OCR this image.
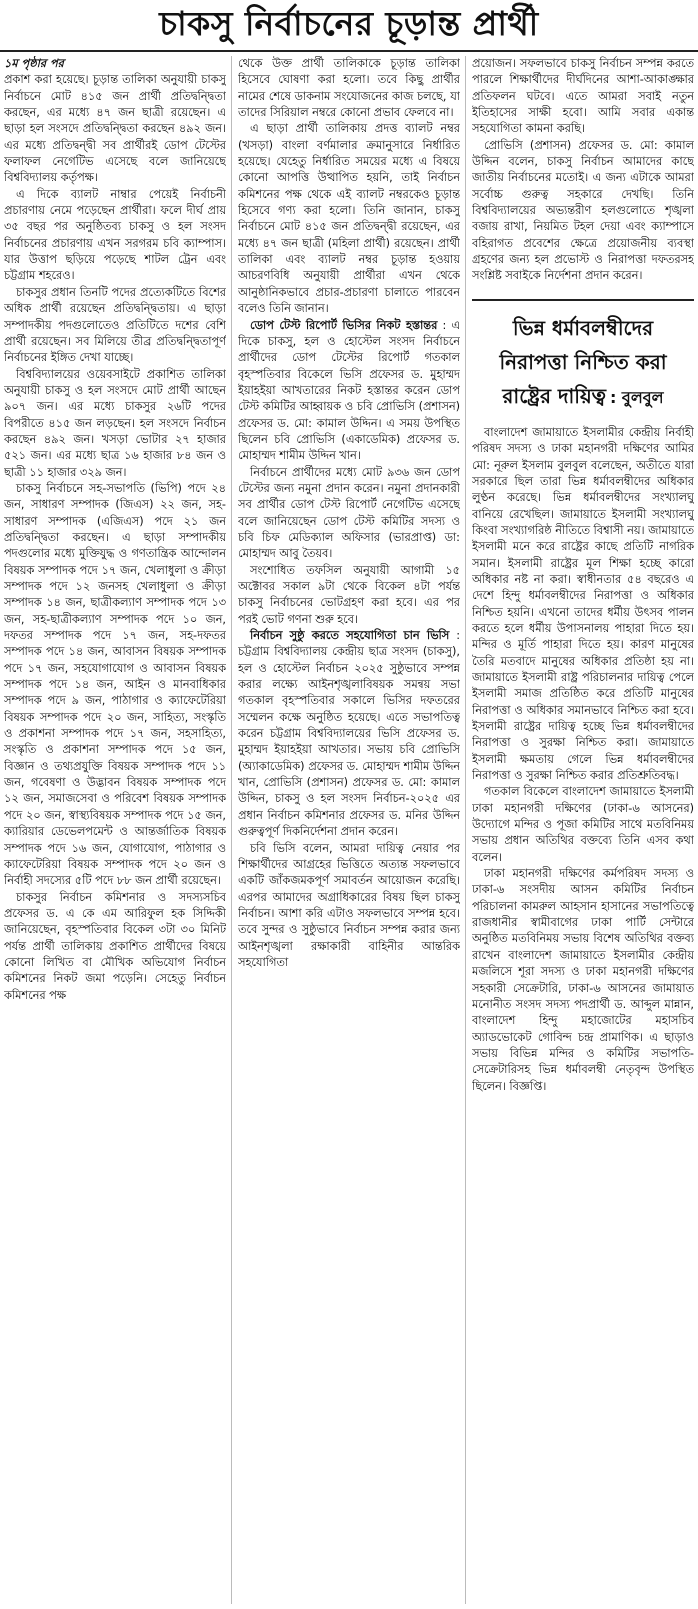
চাকসু নির্বাচনের চূড়ান্ত প্রার্থী

১ম পৃষ্ঠার পর

প্রকাশ করা হয়েছে। চূড়ান্ত তালিকা অনুযায়ী চাকসু নির্বাচনে মোট ৪১৫ জন প্রার্থী প্রতিদ্বন্দ্বিতা করছেন, এর মধ্যে ৪৭ জন ছাত্রী রয়েছেন। এ ছাড়া হল সংসদে প্রতিদ্বন্দ্বিতা করছেন ৪৯২ জন। এর মধ্যে প্রতিদ্বন্দ্বী সব প্রার্থীরই ডোপ টেস্টের ফলাফল নেগেটিভ এসেছে বলে জানিয়েছে বিশ্ববিদ্যালয় কর্তৃপক্ষ।

এ দিকে ব্যালট নাম্বার পেয়েই নির্বাচনী প্রচারণায় নেমে পড়েছেন প্রার্থীরা। ফলে দীর্ঘ প্রায় ৩৫ বছর পর অনুষ্ঠিতব্য চাকসু ও হল সংসদ নির্বাচনের প্রচারণায় এখন সরগরম চবি ক্যাম্পাস। যার উত্তাপ ছড়িয়ে পড়েছে শাটল ট্রেন এবং চট্টগ্রাম শহরেও।

চাকসুর প্রধান তিনটি পদের প্রত্যেকটিতে বিশের অধিক প্রার্থী রয়েছেন প্রতিদ্বন্দ্বিতায়। এ ছাড়া সম্পাদকীয় পদগুলোতেও প্রতিটিতে দশের বেশি প্রার্থী রয়েছেন। সব মিলিয়ে তীব্র প্রতিদ্বন্দ্বিতাপূর্ণ নির্বাচনের ইঙ্গিত দেখা যাচ্ছে।

বিশ্ববিদ্যালয়ের ওয়েবসাইটে প্রকাশিত তালিকা অনুযায়ী চাকসু ও হল সংসদে মোট প্রার্থী আছেন ৯০৭ জন। এর মধ্যে চাকসুর ২৬টি পদের বিপরীতে ৪১৫ জন লড়ছেন। হল সংসদে নির্বাচন করছেন ৪৯২ জন। খসড়া ভোটার ২৭ হাজার ৫২১ জন। এর মধ্যে ছাত্র ১৬ হাজার ৮৪ জন ও ছাত্রী ১১ হাজার ৩২৯ জন।

চাকসু নির্বাচনে সহ-সভাপতি (ভিপি) পদে ২৪ জন, সাধারণ সম্পাদক (জিএস) ২২ জন, সহ-সাধারণ সম্পাদক (এজিএস) পদে ২১ জন প্রতিদ্বন্দ্বিতা করছেন। এ ছাড়া সম্পাদকীয় পদগুলোর মধ্যে মুক্তিযুদ্ধ ও গণতান্ত্রিক আন্দোলন বিষয়ক সম্পাদক পদে ১৭ জন, খেলাধুলা ও ক্রীড়া সম্পাদক পদে ১২ জনসহ খেলাধুলা ও ক্রীড়া সম্পাদক ১৪ জন, ছাত্রীকল্যাণ সম্পাদক পদে ১৩ জন, সহ-ছাত্রীকল্যাণ সম্পাদক পদে ১০ জন, দফতর সম্পাদক পদে ১৭ জন, সহ-দফতর সম্পাদক পদে ১৪ জন, আবাসন বিষয়ক সম্পাদক পদে ১৭ জন, সহযোগাযোগ ও আবাসন বিষয়ক সম্পাদক পদে ১৪ জন, আইন ও মানবাধিকার সম্পাদক পদে ৯ জন, পাঠাগার ও ক্যাফেটেরিয়া বিষয়ক সম্পাদক পদে ২০ জন, সাহিত্য, সংস্কৃতি ও প্রকাশনা সম্পাদক পদে ১৭ জন, সহসাহিত্য, সংস্কৃতি ও প্রকাশনা সম্পাদক পদে ১৫ জন, বিজ্ঞান ও তথ্যপ্রযুক্তি বিষয়ক সম্পাদক পদে ১১ জন, গবেষণা ও উদ্ভাবন বিষয়ক সম্পাদক পদে ১২ জন, সমাজসেবা ও পরিবেশ বিষয়ক সম্পাদক পদে ২০ জন, স্বাস্থ্যবিষয়ক সম্পাদক পদে ১৫ জন, ক্যারিয়ার ডেভেলপমেন্ট ও আন্তর্জাতিক বিষয়ক সম্পাদক পদে ১৬ জন, যোগাযোগ, পাঠাগার ও ক্যাফেটেরিয়া বিষয়ক সম্পাদক পদে ২০ জন ও নির্বাহী সদস্যের ৫টি পদে ৮৮ জন প্রার্থী রয়েছেন।

চাকসুর নির্বাচন কমিশনার ও সদস্যসচিব প্রফেসর ড. এ কে এম আরিফুল হক সিদ্দিকী জানিয়েছেন, বৃহস্পতিবার বিকেল ৩টা ৩০ মিনিট পর্যন্ত প্রার্থী তালিকায় প্রকাশিত প্রার্থীদের বিষয়ে কোনো লিখিত বা মৌখিক অভিযোগ নির্বাচন কমিশনের নিকট জমা পড়েনি। সেহেতু নির্বাচন কমিশনের পক্ষ

থেকে উক্ত প্রার্থী তালিকাকে চূড়ান্ত তালিকা হিসেবে ঘোষণা করা হলো। তবে কিছু প্রার্থীর নামের শেষে ডাকনাম সংযোজনের কাজ চলছে, যা তাদের সিরিয়াল নম্বরে কোনো প্রভাব ফেলবে না।

এ ছাড়া প্রার্থী তালিকায় প্রদত্ত ব্যালট নম্বর (খসড়া) বাংলা বর্ণমালার ক্রমানুসারে নির্ধারিত হয়েছে। যেহেতু নির্ধারিত সময়ের মধ্যে এ বিষয়ে কোনো আপত্তি উত্থাপিত হয়নি, তাই নির্বাচন কমিশনের পক্ষ থেকে এই ব্যালট নম্বরকেও চূড়ান্ত হিসেবে গণ্য করা হলো। তিনি জানান, চাকসু নির্বাচনে মোট ৪১৫ জন প্রতিদ্বন্দ্বী রয়েছেন, এর মধ্যে ৪৭ জন ছাত্রী (মহিলা প্রার্থী) রয়েছেন। প্রার্থী তালিকা এবং ব্যালট নম্বর চূড়ান্ত হওয়ায় আচরণবিধি অনুযায়ী প্রার্থীরা এখন থেকে আনুষ্ঠানিকভাবে প্রচার-প্রচারণা চালাতে পারবেন বলেও তিনি জানান।

ডোপ টেস্ট রিপোর্ট ভিসির নিকট হস্তান্তর : এ দিকে চাকসু, হল ও হোস্টেল সংসদ নির্বাচনে প্রার্থীদের ডোপ টেস্টের রিপোর্ট গতকাল বৃহস্পতিবার বিকেলে ভিসি প্রফেসর ড. মুহাম্মদ ইয়াহইয়া আখতারের নিকট হস্তান্তর করেন ডোপ টেস্ট কমিটির আহ্বায়ক ও চবি প্রোভিসি (প্রশাসন) প্রফেসর ড. মো: কামাল উদ্দিন। এ সময় উপস্থিত ছিলেন চবি প্রোভিসি (একাডেমিক) প্রফেসর ড. মোহাম্মদ শামীম উদ্দিন খান।

নির্বাচনে প্রার্থীদের মধ্যে মোট ৯৩৬ জন ডোপ টেস্টের জন্য নমুনা প্রদান করেন। নমুনা প্রদানকারী সব প্রার্থীর ডোপ টেস্ট রিপোর্ট নেগেটিভ এসেছে বলে জানিয়েছেন ডোপ টেস্ট কমিটির সদস্য ও চবি চিফ মেডিক্যাল অফিসার (ভারপ্রাপ্ত) ডা: মোহাম্মদ আবু তৈয়ব।

সংশোধিত তফসিল অনুযায়ী আগামী ১৫ অক্টোবর সকাল ৯টা থেকে বিকেল ৪টা পর্যন্ত চাকসু নির্বাচনের ভোটগ্রহণ করা হবে। এর পর পরই ভোট গণনা শুরু হবে।

নির্বাচন সুষ্ঠু করতে সহযোগিতা চান ভিসি : চট্টগ্রাম বিশ্ববিদ্যালয় কেন্দ্রীয় ছাত্র সংসদ (চাকসু), হল ও হোস্টেল নির্বাচন ২০২৫ সুষ্ঠুভাবে সম্পন্ন করার লক্ষ্যে আইনশৃঙ্খলাবিষয়ক সমন্বয় সভা গতকাল বৃহস্পতিবার সকালে ভিসির দফতরের সম্মেলন কক্ষে অনুষ্ঠিত হয়েছে। এতে সভাপতিত্ব করেন চট্টগ্রাম বিশ্ববিদ্যালয়ের ভিসি প্রফেসর ড. মুহাম্মদ ইয়াহইয়া আখতার। সভায় চবি প্রোভিসি (অ্যাকাডেমিক) প্রফেসর ড. মোহাম্মদ শামীম উদ্দিন খান, প্রোভিসি (প্রশাসন) প্রফেসর ড. মো: কামাল উদ্দিন, চাকসু ও হল সংসদ নির্বাচন-২০২৫ এর প্রধান নির্বাচন কমিশনার প্রফেসর ড. মনির উদ্দিন গুরুত্বপূর্ণ দিকনির্দেশনা প্রদান করেন।

চবি ভিসি বলেন, আমরা দায়িত্ব নেয়ার পর শিক্ষার্থীদের আগ্রহের ভিত্তিতে অত্যন্ত সফলভাবে একটি জাঁকজমকপূর্ণ সমাবর্তন আয়োজন করেছি। এরপর আমাদের অগ্রাধিকারের বিষয় ছিল চাকসু নির্বাচন। আশা করি এটাও সফলভাবে সম্পন্ন হবে। তবে সুন্দর ও সুষ্ঠুভাবে নির্বাচন সম্পন্ন করার জন্য আইনশৃঙ্খলা রক্ষাকারী বাহিনীর আন্তরিক সহযোগিতা

প্রয়োজন। সফলভাবে চাকসু নির্বাচন সম্পন্ন করতে পারলে শিক্ষার্থীদের দীর্ঘদিনের আশা-আকাঙ্ক্ষার প্রতিফলন ঘটবে। এতে আমরা সবাই নতুন ইতিহাসের সাক্ষী হবো। আমি সবার একান্ত সহযোগিতা কামনা করছি।

প্রোভিসি (প্রশাসন) প্রফেসর ড. মো: কামাল উদ্দিন বলেন, চাকসু নির্বাচন আমাদের কাছে জাতীয় নির্বাচনের মতোই। এ জন্য এটাকে আমরা সর্বোচ্চ গুরুত্ব সহকারে দেখছি। তিনি বিশ্ববিদ্যালয়ের অভ্যন্তরীণ হলগুলোতে শৃঙ্খলা বজায় রাখা, নিয়মিত টহল দেয়া এবং ক্যাম্পাসে বহিরাগত প্রবেশের ক্ষেত্রে প্রয়োজনীয় ব্যবস্থা গ্রহণের জন্য হল প্রভোস্ট ও নিরাপত্তা দফতরসহ সংশ্লিষ্ট সবাইকে নির্দেশনা প্রদান করেন।

ভিন্ন ধর্মাবলম্বীদের
নিরাপত্তা নিশ্চিত করা
রাষ্ট্রের দায়িত্ব : বুলবুল

বাংলাদেশ জামায়াতে ইসলামীর কেন্দ্রীয় নির্বাহী পরিষদ সদস্য ও ঢাকা মহানগরী দক্ষিণের আমির মো: নূরুল ইসলাম বুলবুল বলেছেন, অতীতে যারা সরকারে ছিল তারা ভিন্ন ধর্মাবলম্বীদের অধিকার লুণ্ঠন করেছে। ভিন্ন ধর্মাবলম্বীদের সংখ্যালঘু বানিয়ে রেখেছিল। জামায়াতে ইসলামী সংখ্যালঘু কিংবা সংখ্যাগরিষ্ঠ নীতিতে বিশ্বাসী নয়। জামায়াতে ইসলামী মনে করে রাষ্ট্রের কাছে প্রতিটি নাগরিক সমান। ইসলামী রাষ্ট্রের মূল শিক্ষা হচ্ছে কারো অধিকার নষ্ট না করা। স্বাধীনতার ৫৪ বছরেও এ দেশে হিন্দু ধর্মাবলম্বীদের নিরাপত্তা ও অধিকার নিশ্চিত হয়নি। এখনো তাদের ধর্মীয় উৎসব পালন করতে হলে ধর্মীয় উপাসনালয় পাহারা দিতে হয়। মন্দির ও মূর্তি পাহারা দিতে হয়। কারণ মানুষের তৈরি মতবাদে মানুষের অধিকার প্রতিষ্ঠা হয় না। জামায়াতে ইসলামী রাষ্ট্র পরিচালনার দায়িত্ব পেলে ইসলামী সমাজ প্রতিষ্ঠিত করে প্রতিটি মানুষের নিরাপত্তা ও অধিকার সমানভাবে নিশ্চিত করা হবে। ইসলামী রাষ্ট্রের দায়িত্ব হচ্ছে ভিন্ন ধর্মাবলম্বীদের নিরাপত্তা ও সুরক্ষা নিশ্চিত করা। জামায়াতে ইসলামী ক্ষমতায় গেলে ভিন্ন ধর্মাবলম্বীদের নিরাপত্তা ও সুরক্ষা নিশ্চিত করার প্রতিশ্রুতিবদ্ধ।

গতকাল বিকেলে বাংলাদেশ জামায়াতে ইসলামী ঢাকা মহানগরী দক্ষিণের (ঢাকা-৬ আসনের) উদ্যোগে মন্দির ও পূজা কমিটির সাথে মতবিনিময় সভায় প্রধান অতিথির বক্তব্যে তিনি এসব কথা বলেন।

ঢাকা মহানগরী দক্ষিণের কর্মপরিষদ সদস্য ও ঢাকা-৬ সংসদীয় আসন কমিটির নির্বাচন পরিচালনা কামরুল আহসান হাসানের সভাপতিত্বে রাজধানীর স্বামীবাগের ঢাকা পার্টি সেন্টারে অনুষ্ঠিত মতবিনিময় সভায় বিশেষ অতিথির বক্তব্য রাখেন বাংলাদেশ জামায়াতে ইসলামীর কেন্দ্রীয় মজলিসে শূরা সদস্য ও ঢাকা মহানগরী দক্ষিণের সহকারী সেক্রেটারি, ঢাকা-৬ আসনের জামায়াত মনোনীত সংসদ সদস্য পদপ্রার্থী ড. আব্দুল মান্নান, বাংলাদেশ হিন্দু মহাজোটের মহাসচিব অ্যাডভোকেট গোবিন্দ চন্দ্র প্রামাণিক। এ ছাড়াও সভায় বিভিন্ন মন্দির ও কমিটির সভাপতি-সেক্রেটারিসহ ভিন্ন ধর্মাবলম্বী নেতৃবৃন্দ উপস্থিত ছিলেন। বিজ্ঞপ্তি।
